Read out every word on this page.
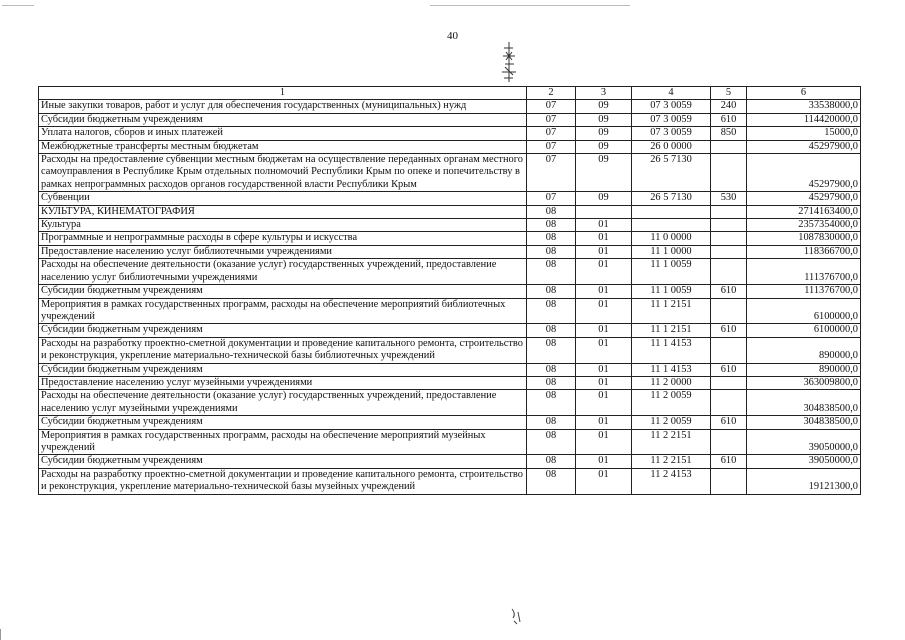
40
1	2	3	4	5	6
Иные закупки товаров, работ и услуг для обеспечения государственных (муниципальных) нужд	07	09	07 3 0059	240	33538000,0
Субсидии бюджетным учреждениям	07	09	07 3 0059	610	114420000,0
Уплата налогов, сборов и иных платежей	07	09	07 3 0059	850	15000,0
Межбюджетные трансферты местным бюджетам	07	09	26 0 0000		45297900,0
Расходы на предоставление субвенции местным бюджетам на осуществление переданных органам местного самоуправления в Республике Крым отдельных полномочий Республики Крым по опеке и попечительству в рамках непрограммных расходов органов государственной власти Республики Крым	07	09	26 5 7130		45297900,0
Субвенции	07	09	26 5 7130	530	45297900,0
КУЛЬТУРА, КИНЕМАТОГРАФИЯ	08				2714163400,0
Культура	08	01			2357354000,0
Программные и непрограммные расходы в сфере культуры и искусства	08	01	11 0 0000		1087830000,0
Предоставление населению услуг библиотечными учреждениями	08	01	11 1 0000		118366700,0
Расходы на обеспечение деятельности (оказание услуг) государственных учреждений, предоставление населению услуг библиотечными учреждениями	08	01	11 1 0059		111376700,0
Субсидии бюджетным учреждениям	08	01	11 1 0059	610	111376700,0
Мероприятия в рамках государственных программ, расходы на обеспечение мероприятий библиотечных учреждений	08	01	11 1 2151		6100000,0
Субсидии бюджетным учреждениям	08	01	11 1 2151	610	6100000,0
Расходы на разработку проектно-сметной документации и проведение капитального ремонта, строительство и реконструкция, укрепление материально-технической базы библиотечных учреждений	08	01	11 1 4153		890000,0
Субсидии бюджетным учреждениям	08	01	11 1 4153	610	890000,0
Предоставление населению услуг музейными учреждениями	08	01	11 2 0000		363009800,0
Расходы на обеспечение деятельности (оказание услуг) государственных учреждений, предоставление населению услуг музейными учреждениями	08	01	11 2 0059		304838500,0
Субсидии бюджетным учреждениям	08	01	11 2 0059	610	304838500,0
Мероприятия в рамках государственных программ, расходы на обеспечение мероприятий музейных учреждений	08	01	11 2 2151		39050000,0
Субсидии бюджетным учреждениям	08	01	11 2 2151	610	39050000,0
Расходы на разработку проектно-сметной документации и проведение капитального ремонта, строительство и реконструкция, укрепление материально-технической базы музейных учреждений	08	01	11 2 4153		19121300,0
